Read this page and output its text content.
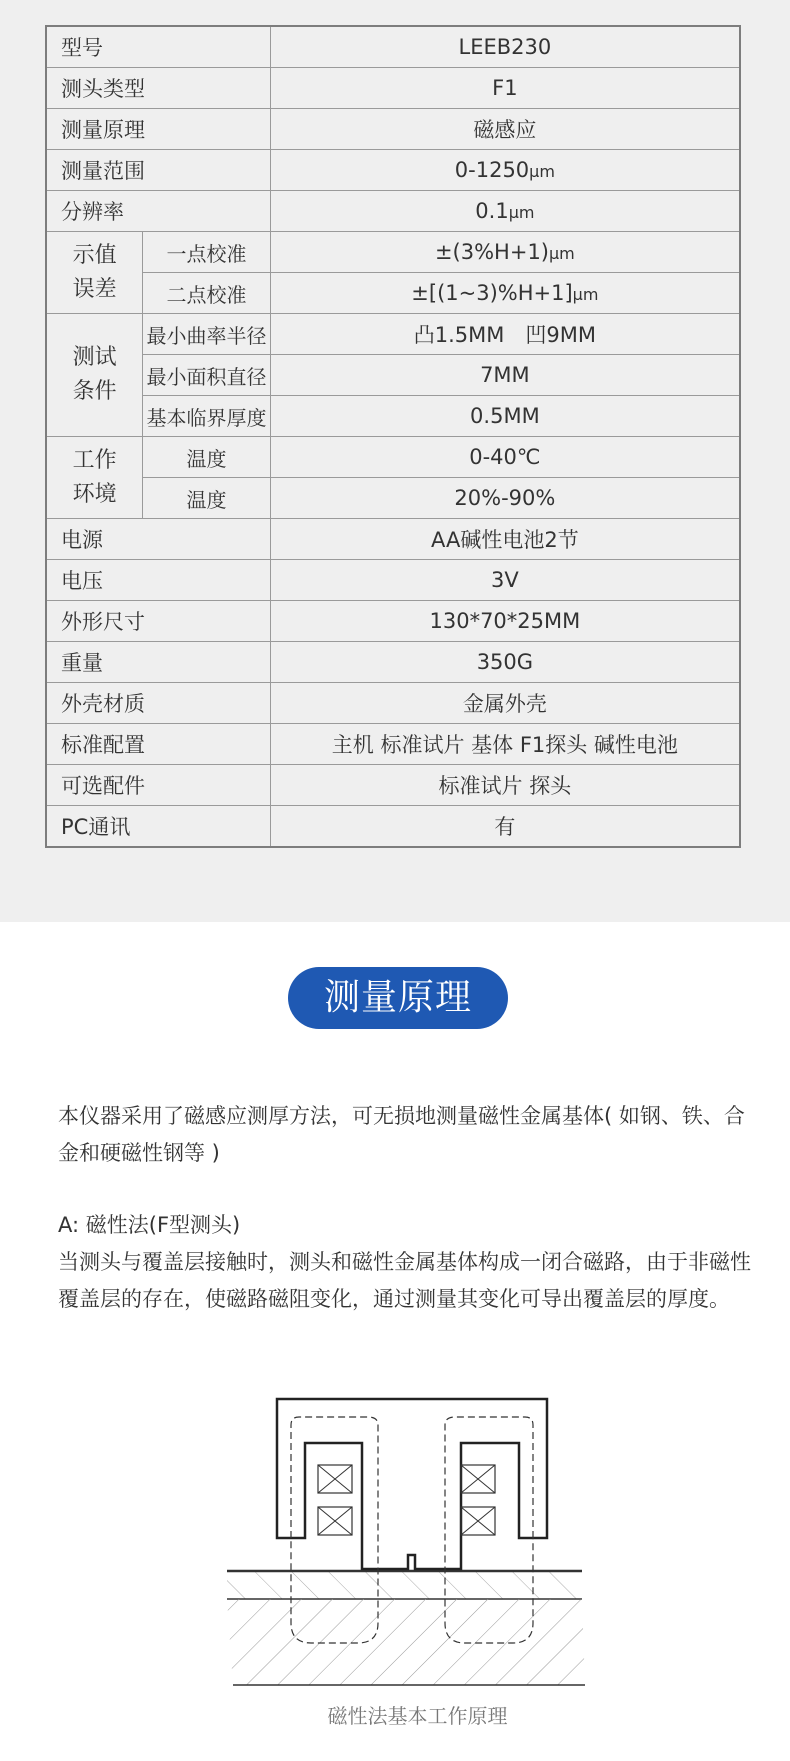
型号		LEEB230
测头类型		F1
测量原理		磁感应
测量范围		0-1250μm
分辨率		0.1μm
示值
误差	一点校准	±(3%H+1)μm
	二点校准	±[(1~3)%H+1]μm
测试
条件	最小曲率半径	凸1.5MM　凹9MM
	最小面积直径	7MM
	基本临界厚度	0.5MM
工作
环境	温度	0-40℃
	温度	20%-90%
电源		AA碱性电池2节
电压		3V
外形尺寸		130*70*25MM
重量		350G
外壳材质		金属外壳
标准配置		主机 标准试片 基体 F1探头 碱性电池
可选配件		标准试片 探头
PC通讯		有
测量原理

本仪器采用了磁感应测厚方法，可无损地测量磁性金属基体( 如钢、铁、合金和硬磁性钢等 )

A: 磁性法(F型测头)

当测头与覆盖层接触时，测头和磁性金属基体构成一闭合磁路，由于非磁性覆盖层的存在，使磁路磁阻变化，通过测量其变化可导出覆盖层的厚度。

磁性法基本工作原理
